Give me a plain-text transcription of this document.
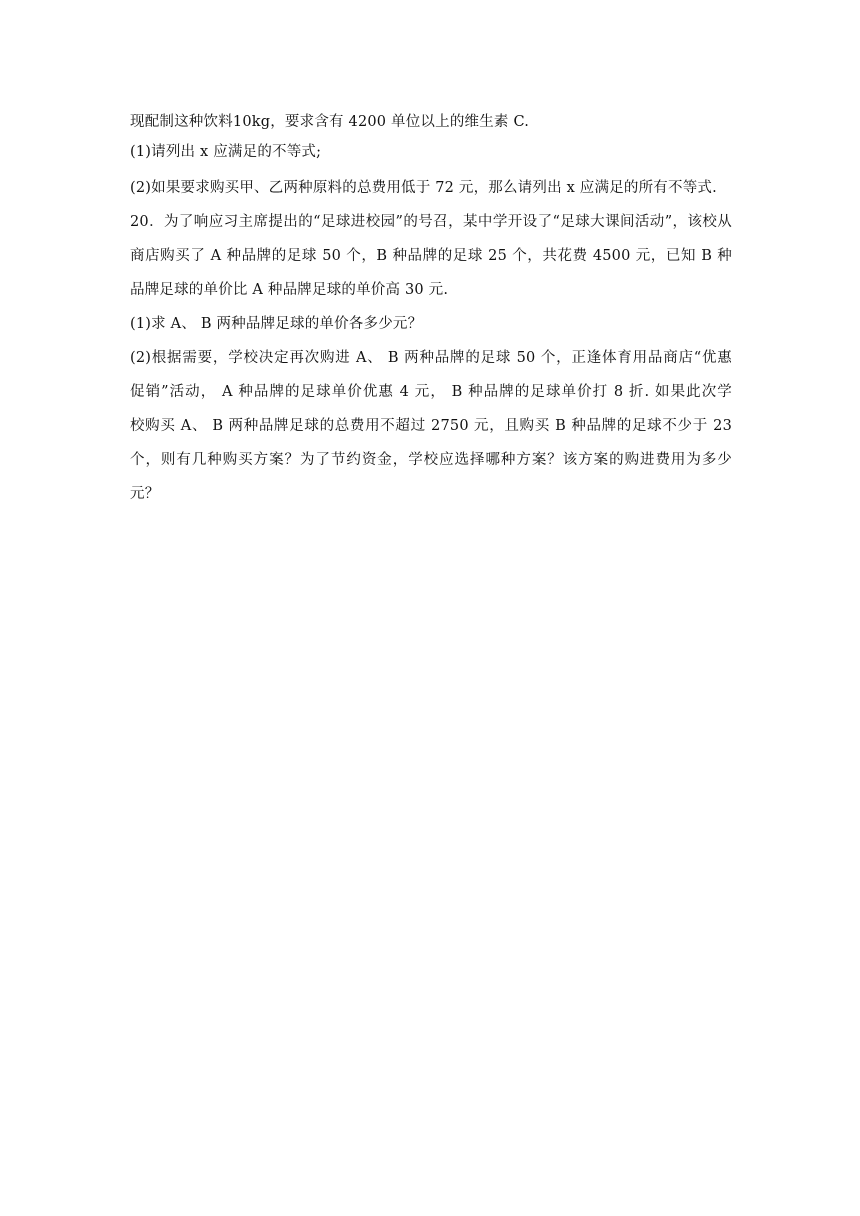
现配制这种饮料10kg，要求含有 4200 单位以上的维生素 C.
(1)请列出 x 应满足的不等式;
(2)如果要求购买甲、乙两种原料的总费用低于 72 元，那么请列出 x 应满足的所有不等式.
20．为了响应习主席提出的“足球进校园”的号召，某中学开设了“足球大课间活动”，该校从
商店购买了 A 种品牌的足球 50 个，B 种品牌的足球 25 个，共花费 4500 元，已知 B 种
品牌足球的单价比 A 种品牌足球的单价高 30 元.
(1)求 A、 B 两种品牌足球的单价各多少元？
(2)根据需要，学校决定再次购进 A、 B 两种品牌的足球 50 个，正逢体育用品商店“优惠
促销”活动， A 种品牌的足球单价优惠 4 元， B 种品牌的足球单价打 8 折. 如果此次学
校购买 A、 B 两种品牌足球的总费用不超过 2750 元，且购买 B 种品牌的足球不少于 23
个，则有几种购买方案？为了节约资金，学校应选择哪种方案？该方案的购进费用为多少
元？
